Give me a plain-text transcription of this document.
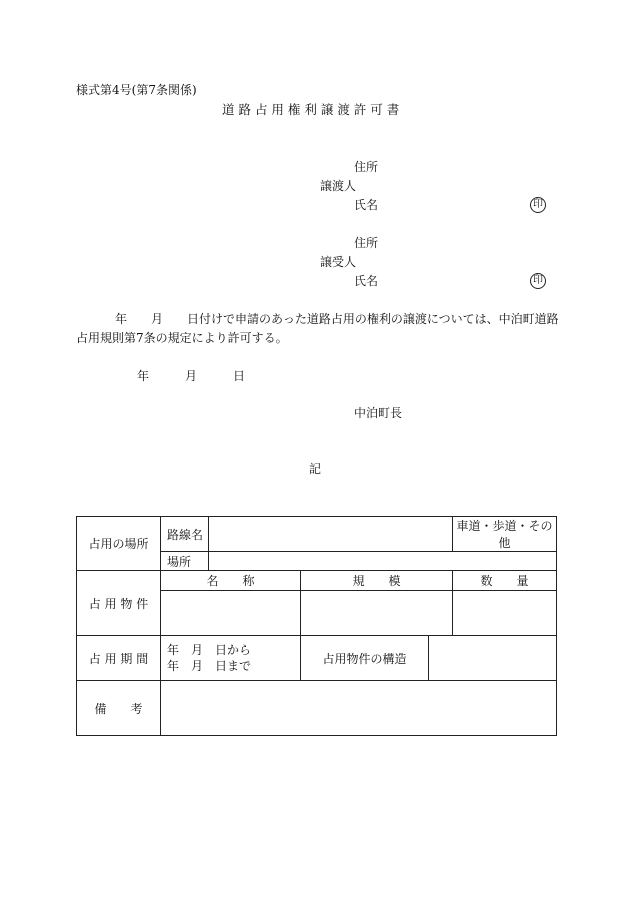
様式第4号(第7条関係)
道 路 占 用 権 利 譲 渡 許 可 書
住所
譲渡人
氏名	印
住所
譲受人
氏名	印
年　　月　　日付けで申請のあった道路占用の権利の譲渡については、中泊町道路
占用規則第7条の規定により許可する。
年　　　月　　　日
中泊町長
記
占用の場所	路線名				車道・歩道・その他
	場所				
占 用 物 件	名　　称		規　　模		数　　量

占 用 期 間	年　月　日から
年　月　日まで		占用物件の構造		
備　　考					
